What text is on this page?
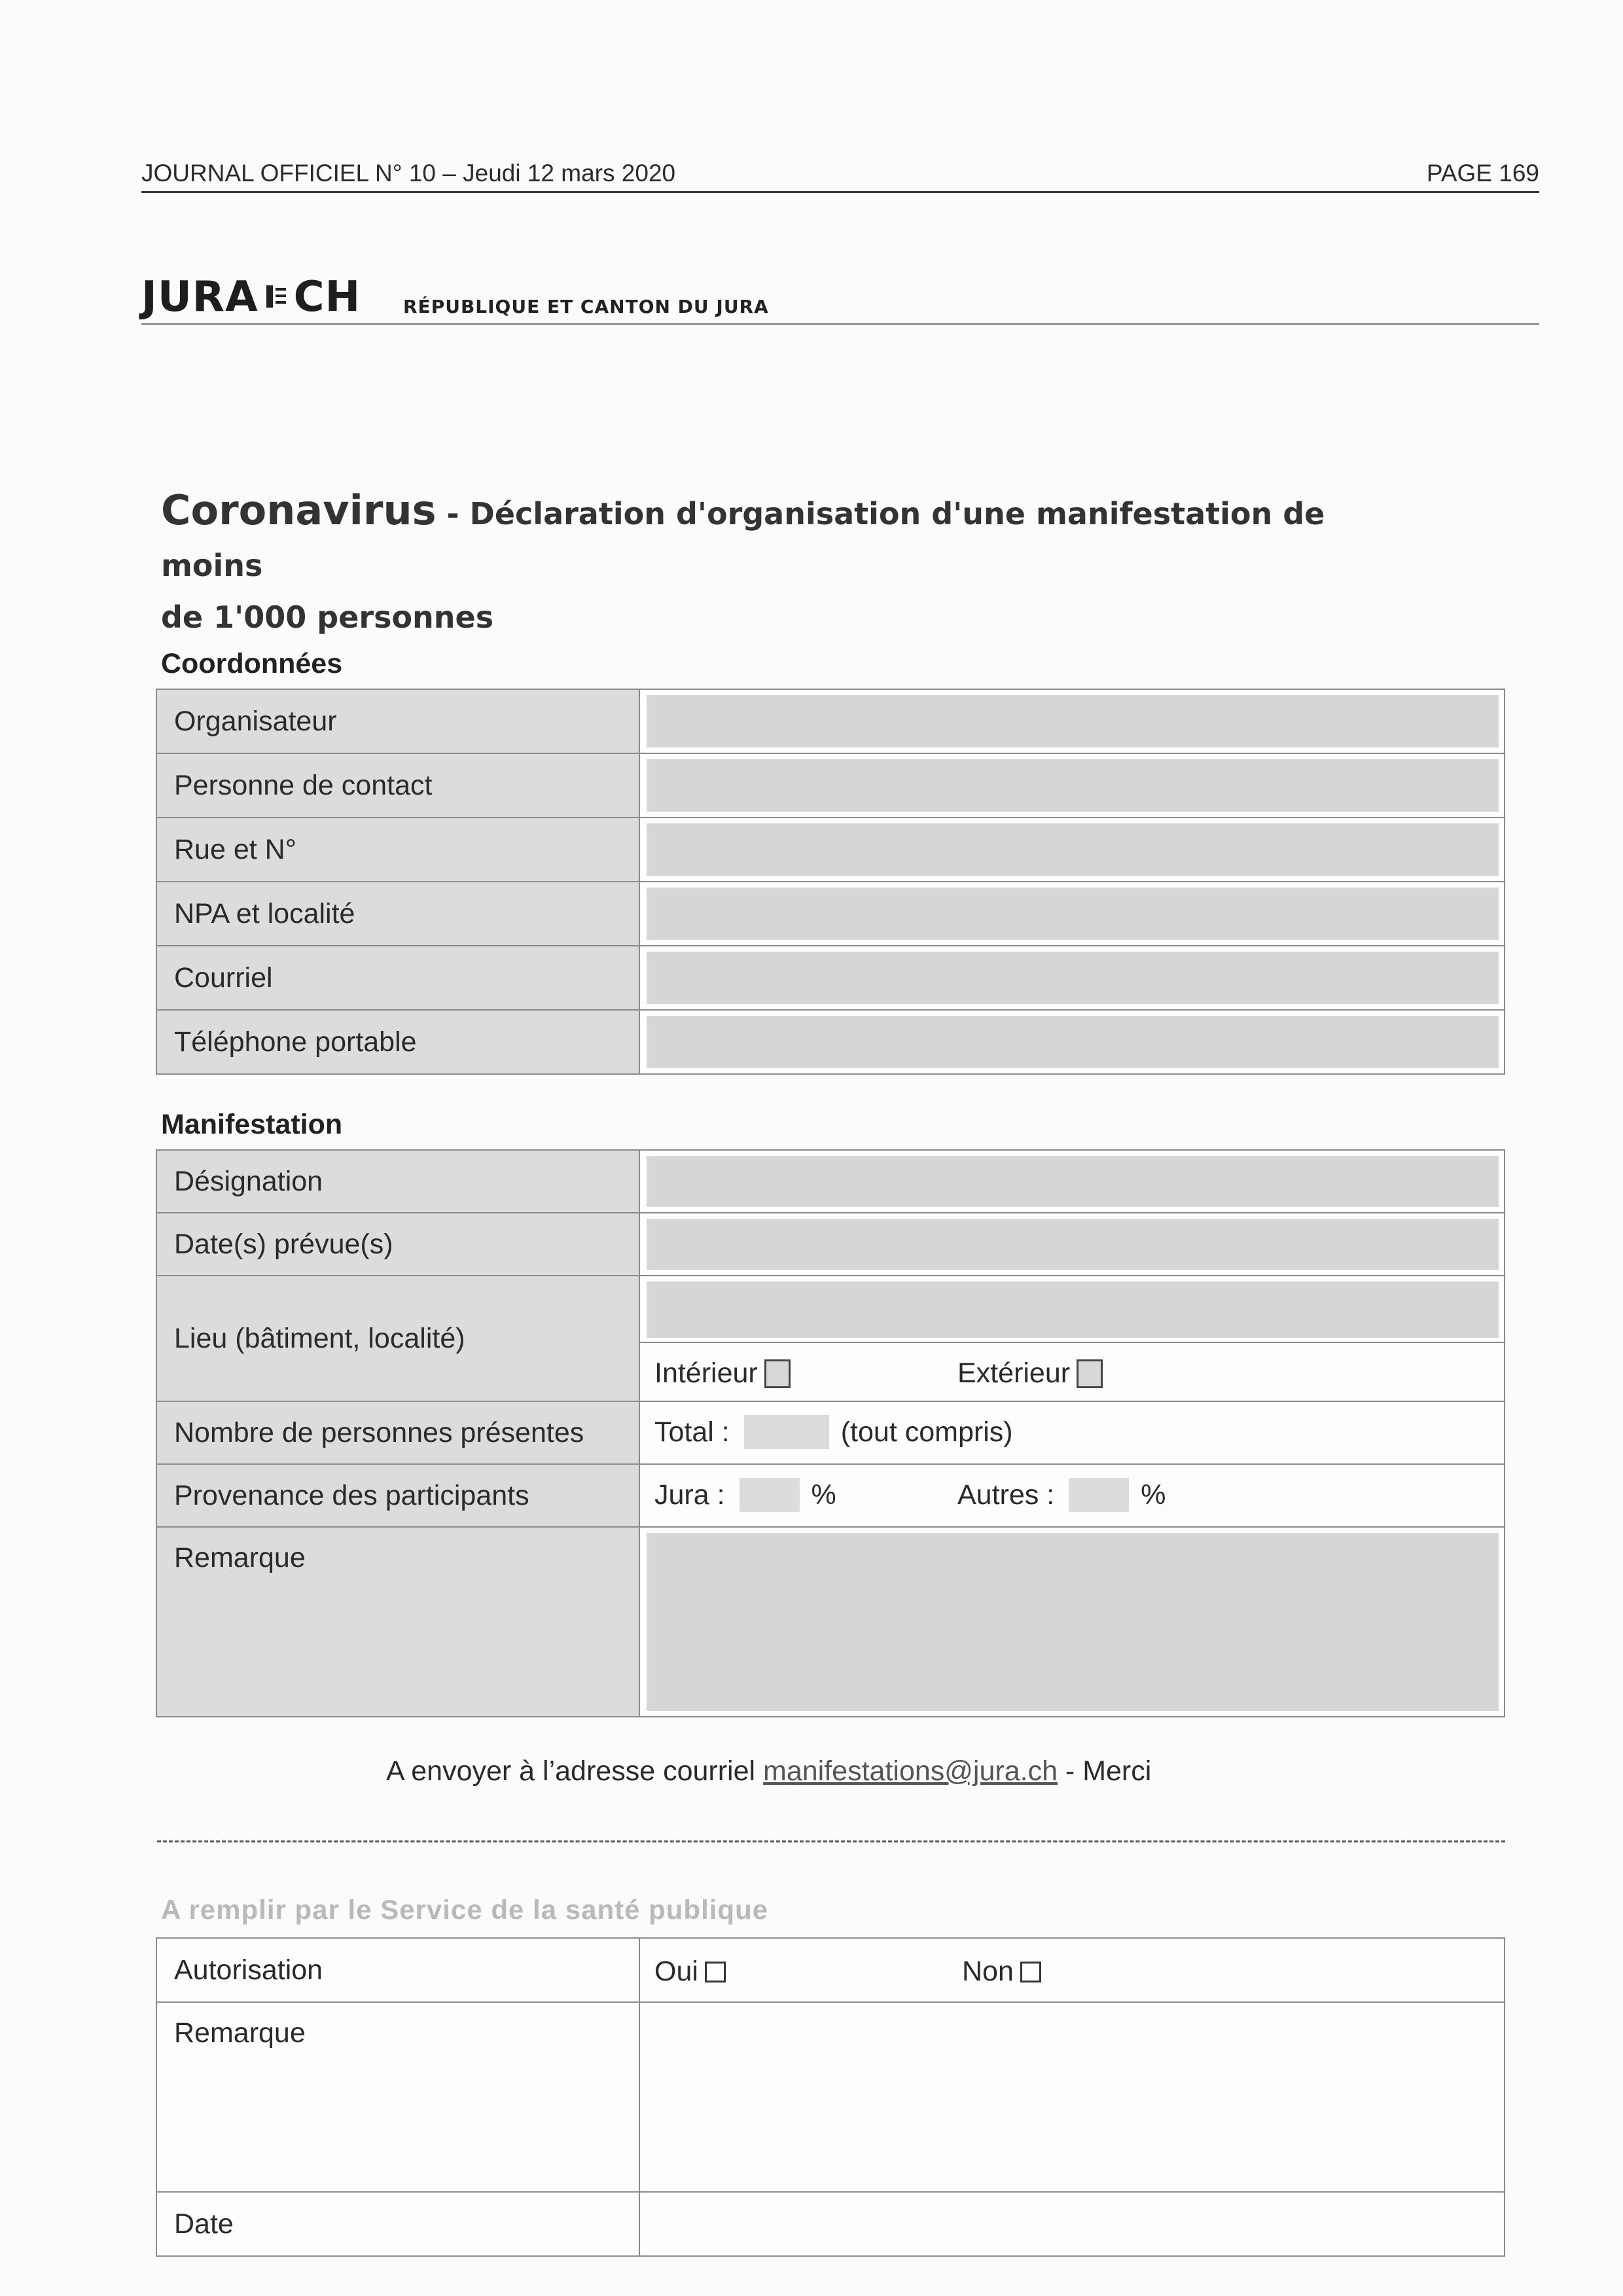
JOURNAL OFFICIEL N° 10 – Jeudi 12 mars 2020	PAGE 169
JURA CH RÉPUBLIQUE ET CANTON DU JURA
Coronavirus - Déclaration d'organisation d'une manifestation de moins
de 1'000 personnes
Coordonnées
Organisateur	

Personne de contact	

Rue et N°	

NPA et localité	

Courriel	

Téléphone portable	
Manifestation
Désignation	

Date(s) prévue(s)	

Lieu (bâtiment, localité)	Intérieur Extérieur

Nombre de personnes présentes	Total : (tout compris)

Provenance des participants	Jura : % Autres : %

Remarque	
A envoyer à l’adresse courriel manifestations@jura.ch - Merci
A remplir par le Service de la santé publique
Autorisation	Oui Non

Remarque	
Date	
